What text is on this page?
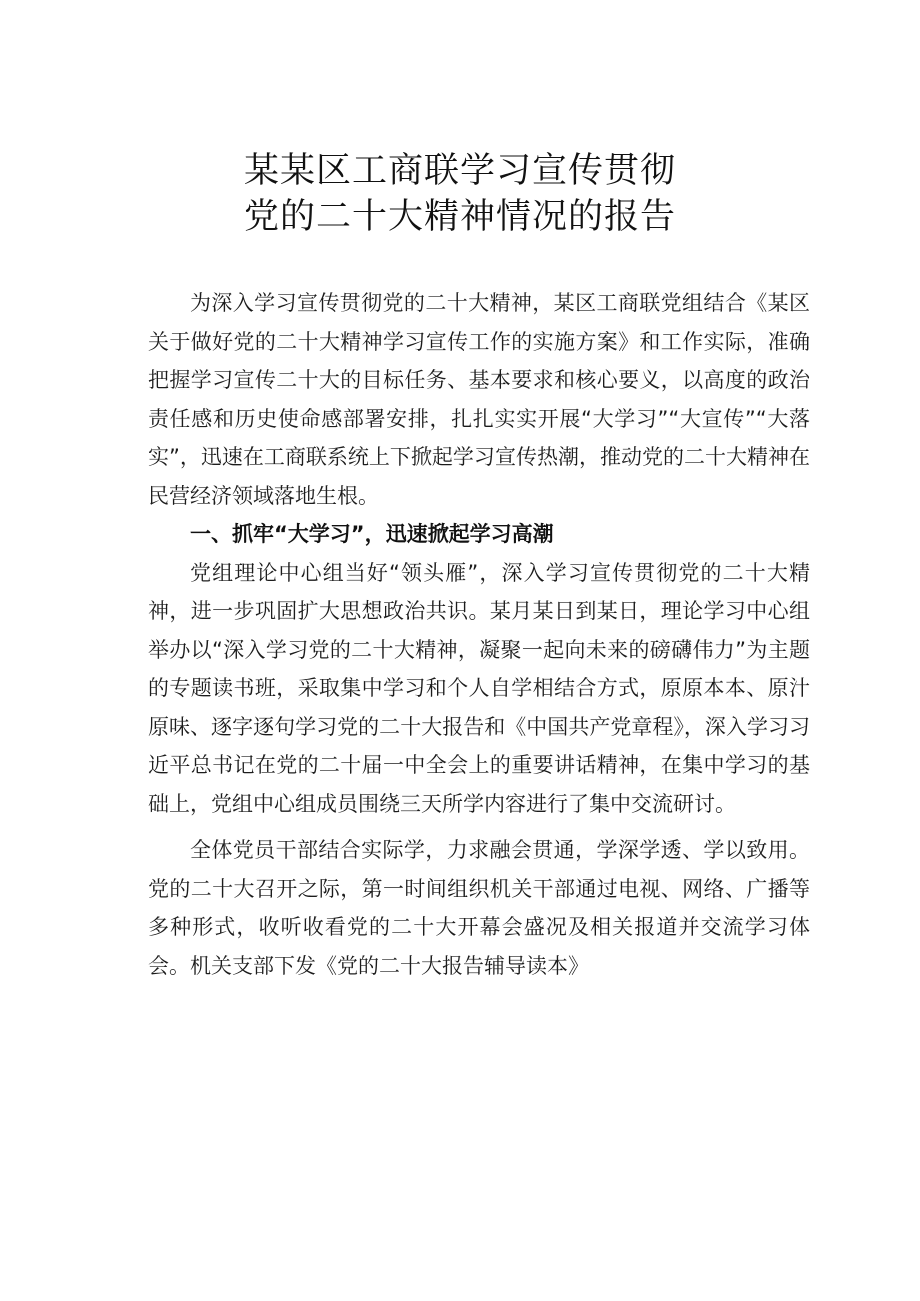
某某区工商联学习宣传贯彻
党的二十大精神情况的报告

为深入学习宣传贯彻党的二十大精神，某区工商联党组结合《某区关于做好党的二十大精神学习宣传工作的实施方案》和工作实际，准确把握学习宣传二十大的目标任务、基本要求和核心要义，以高度的政治责任感和历史使命感部署安排，扎扎实实开展“大学习”“大宣传”“大落实”，迅速在工商联系统上下掀起学习宣传热潮，推动党的二十大精神在民营经济领域落地生根。

一、抓牢“大学习”，迅速掀起学习高潮

党组理论中心组当好“领头雁”，深入学习宣传贯彻党的二十大精神，进一步巩固扩大思想政治共识。某月某日到某日，理论学习中心组举办以“深入学习党的二十大精神，凝聚一起向未来的磅礴伟力”为主题的专题读书班，采取集中学习和个人自学相结合方式，原原本本、原汁原味、逐字逐句学习党的二十大报告和《中国共产党章程》，深入学习习近平总书记在党的二十届一中全会上的重要讲话精神，在集中学习的基础上，党组中心组成员围绕三天所学内容进行了集中交流研讨。

全体党员干部结合实际学，力求融会贯通，学深学透、学以致用。党的二十大召开之际，第一时间组织机关干部通过电视、网络、广播等多种形式，收听收看党的二十大开幕会盛况及相关报道并交流学习体会。机关支部下发《党的二十大报告辅导读本》
